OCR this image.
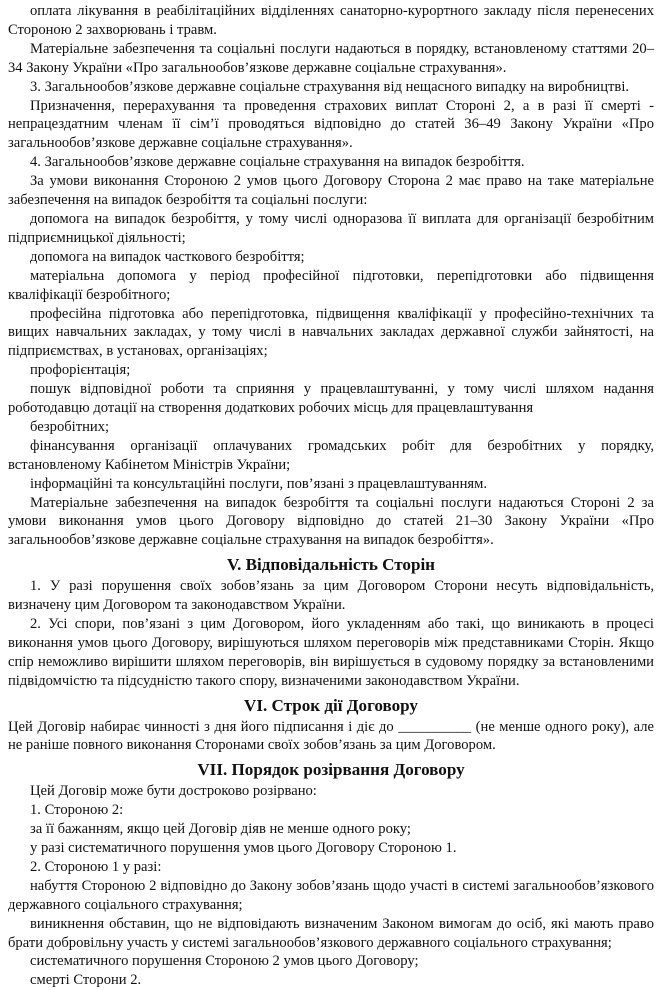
оплата лікування в реабілітаційних відділеннях санаторно-курортного закладу після перенесених Стороною 2 захворювань і травм.

Матеріальне забезпечення та соціальні послуги надаються в порядку, встановленому статтями 20–34 Закону України «Про загальнообов’язкове державне соціальне страхування».

3. Загальнообов’язкове державне соціальне страхування від нещасного випадку на виробництві.

Призначення, перерахування та проведення страхових виплат Стороні 2, а в разі її смерті - непрацездатним членам її сім’ї проводяться відповідно до статей 36–49 Закону України «Про загальнообов’язкове державне соціальне страхування».

4. Загальнообов’язкове державне соціальне страхування на випадок безробіття.

За умови виконання Стороною 2 умов цього Договору Сторона 2 має право на таке матеріальне забезпечення на випадок безробіття та соціальні послуги:

допомога на випадок безробіття, у тому числі одноразова її виплата для організації безробітним підприємницької діяльності;

допомога на випадок часткового безробіття;

матеріальна допомога у період професійної підготовки, перепідготовки або підвищення кваліфікації безробітного;

професійна підготовка або перепідготовка, підвищення кваліфікації у професійно-технічних та вищих навчальних закладах, у тому числі в навчальних закладах державної служби зайнятості, на підприємствах, в установах, організаціях;

профорієнтація;

пошук відповідної роботи та сприяння у працевлаштуванні, у тому числі шляхом надання роботодавцю дотації на створення додаткових робочих місць для працевлаштування

безробітних;

фінансування організації оплачуваних громадських робіт для безробітних у порядку, встановленому Кабінетом Міністрів України;

інформаційні та консультаційні послуги, пов’язані з працевлаштуванням.

Матеріальне забезпечення на випадок безробіття та соціальні послуги надаються Стороні 2 за умови виконання умов цього Договору відповідно до статей 21–30 Закону України «Про загальнообов’язкове державне соціальне страхування на випадок безробіття».

V. Відповідальність Сторін

1. У разі порушення своїх зобов’язань за цим Договором Сторони несуть відповідальність, визначену цим Договором та законодавством України.

2. Усі спори, пов’язані з цим Договором, його укладенням або такі, що виникають в процесі виконання умов цього Договору, вирішуються шляхом переговорів між представниками Сторін. Якщо спір неможливо вирішити шляхом переговорів, він вирішується в судовому порядку за встановленими підвідомчістю та підсудністю такого спору, визначеними законодавством України.

VI. Строк дії Договору

Цей Договір набирає чинності з дня його підписання і діє до __________ (не менше одного року), але не раніше повного виконання Сторонами своїх зобов’язань за цим Договором.

VII. Порядок розірвання Договору

Цей Договір може бути достроково розірвано:

1. Стороною 2:

за її бажанням, якщо цей Договір діяв не менше одного року;

у разі систематичного порушення умов цього Договору Стороною 1.

2. Стороною 1 у разі:

набуття Стороною 2 відповідно до Закону зобов’язань щодо участі в системі загальнообов’язкового державного соціального страхування;

виникнення обставин, що не відповідають визначеним Законом вимогам до осіб, які мають право брати добровільну участь у системі загальнообов’язкового державного соціального страхування;

систематичного порушення Стороною 2 умов цього Договору;

смерті Сторони 2.
